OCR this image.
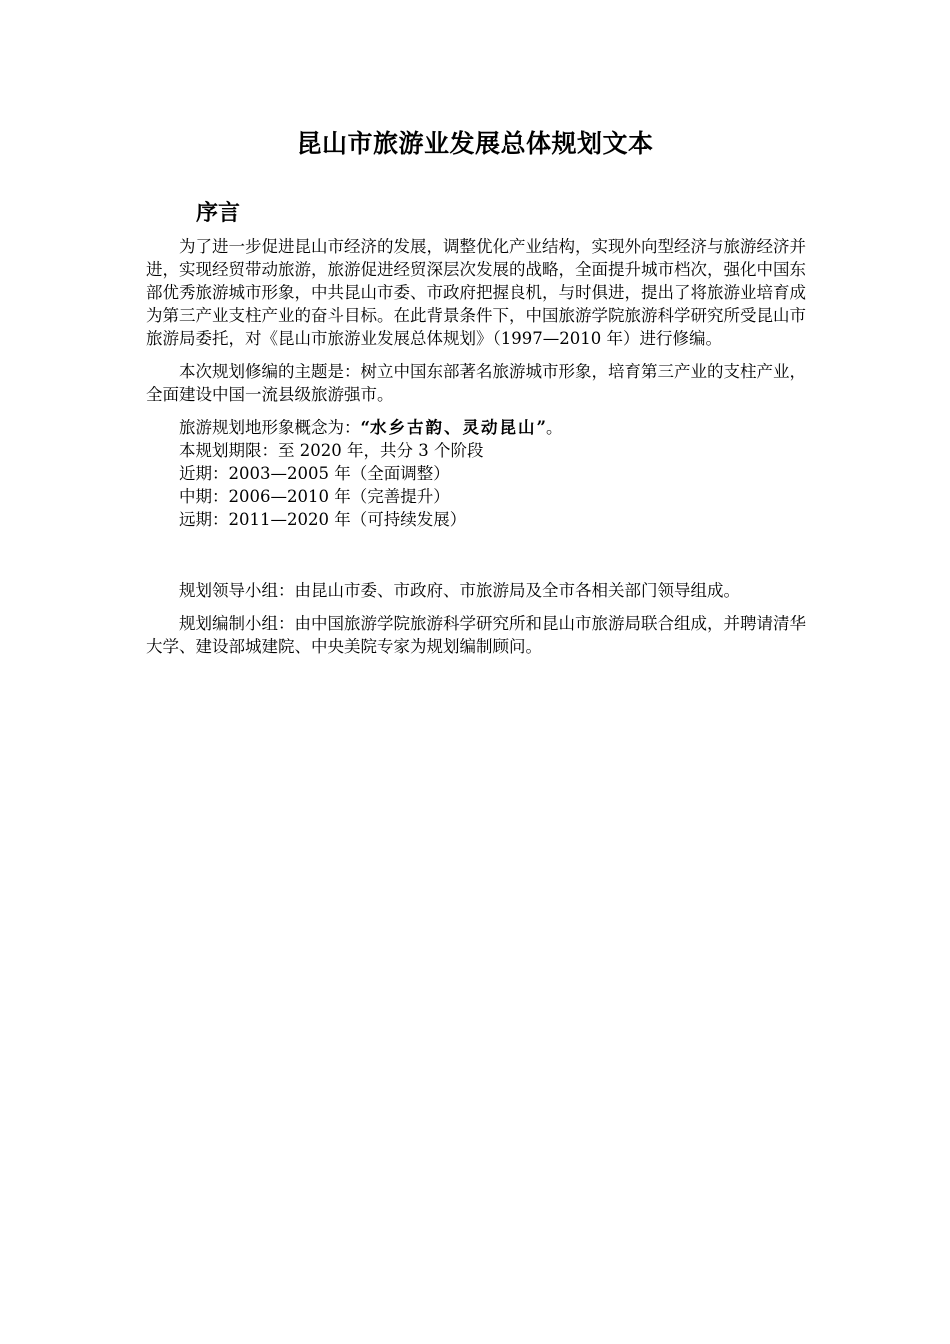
昆山市旅游业发展总体规划文本
序言

为了进一步促进昆山市经济的发展，调整优化产业结构，实现外向型经济与旅游经济并进，实现经贸带动旅游，旅游促进经贸深层次发展的战略，全面提升城市档次，强化中国东部优秀旅游城市形象，中共昆山市委、市政府把握良机，与时俱进，提出了将旅游业培育成为第三产业支柱产业的奋斗目标。在此背景条件下，中国旅游学院旅游科学研究所受昆山市旅游局委托，对《昆山市旅游业发展总体规划》（1997—2010 年）进行修编。

本次规划修编的主题是：树立中国东部著名旅游城市形象，培育第三产业的支柱产业，全面建设中国一流县级旅游强市。

旅游规划地形象概念为：“水乡古韵、灵动昆山”。

本规划期限：至 2020 年，共分 3 个阶段

近期：2003—2005 年（全面调整）

中期：2006—2010 年（完善提升）

远期：2011—2020 年（可持续发展）

规划领导小组：由昆山市委、市政府、市旅游局及全市各相关部门领导组成。

规划编制小组：由中国旅游学院旅游科学研究所和昆山市旅游局联合组成，并聘请清华大学、建设部城建院、中央美院专家为规划编制顾问。
